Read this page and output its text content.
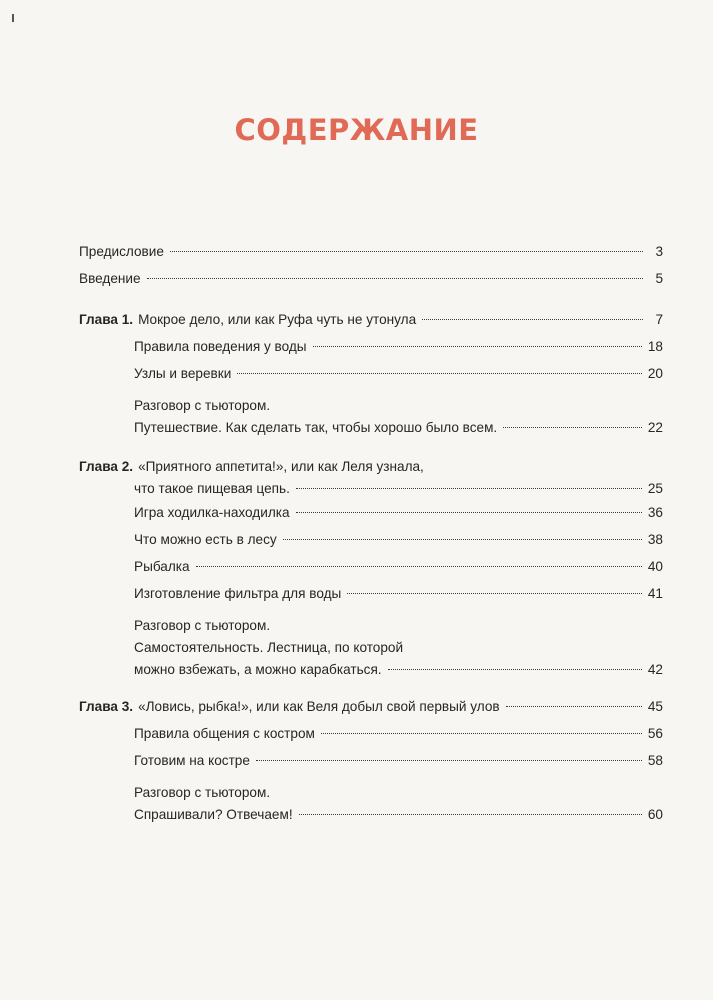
СОДЕРЖАНИЕ
Предисловие	3
Введение	5
Глава 1. Мокрое дело, или как Руфа чуть не утонула	7
Правила поведения у воды	18
Узлы и веревки	20
Разговор с тьютором.
Путешествие. Как сделать так, чтобы хорошо было всем.	22
Глава 2. «Приятного аппетита!», или как Леля узнала,
что такое пищевая цепь.	25
Игра ходилка-находилка	36
Что можно есть в лесу	38
Рыбалка	40
Изготовление фильтра для воды	41
Разговор с тьютором.
Самостоятельность. Лестница, по которой
можно взбежать, а можно карабкаться.	42
Глава 3. «Ловись, рыбка!», или как Веля добыл свой первый улов	45
Правила общения с костром	56
Готовим на костре	58
Разговор с тьютором.
Спрашивали? Отвечаем!	60
